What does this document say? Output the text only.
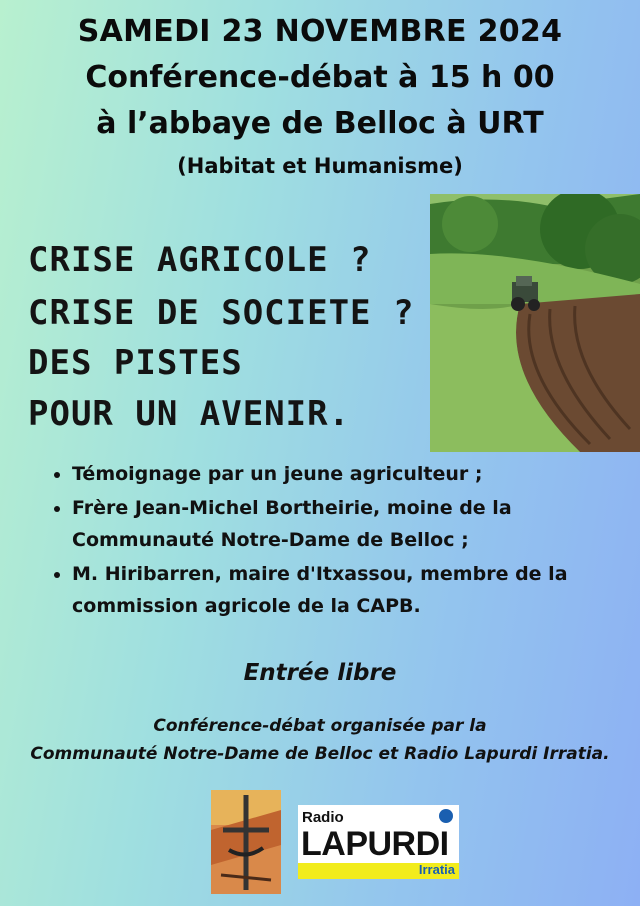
SAMEDI 23 NOVEMBRE 2024
Conférence-débat à 15 h 00
à l’abbaye de Belloc à URT
(Habitat et Humanisme)
CRISE AGRICOLE ?
CRISE DE SOCIETE ?
DES PISTES
POUR UN AVENIR.
• Témoignage par un jeune agriculteur ;
• Frère Jean-Michel Bortheirie, moine de la Communauté Notre-Dame de Belloc ;
• M. Hiribarren, maire d'Itxassou, membre de la commission agricole de la CAPB.
Entrée libre
Conférence-débat organisée par la
Communauté Notre-Dame de Belloc et Radio Lapurdi Irratia.
Radio
LAPURDI
Irratia
